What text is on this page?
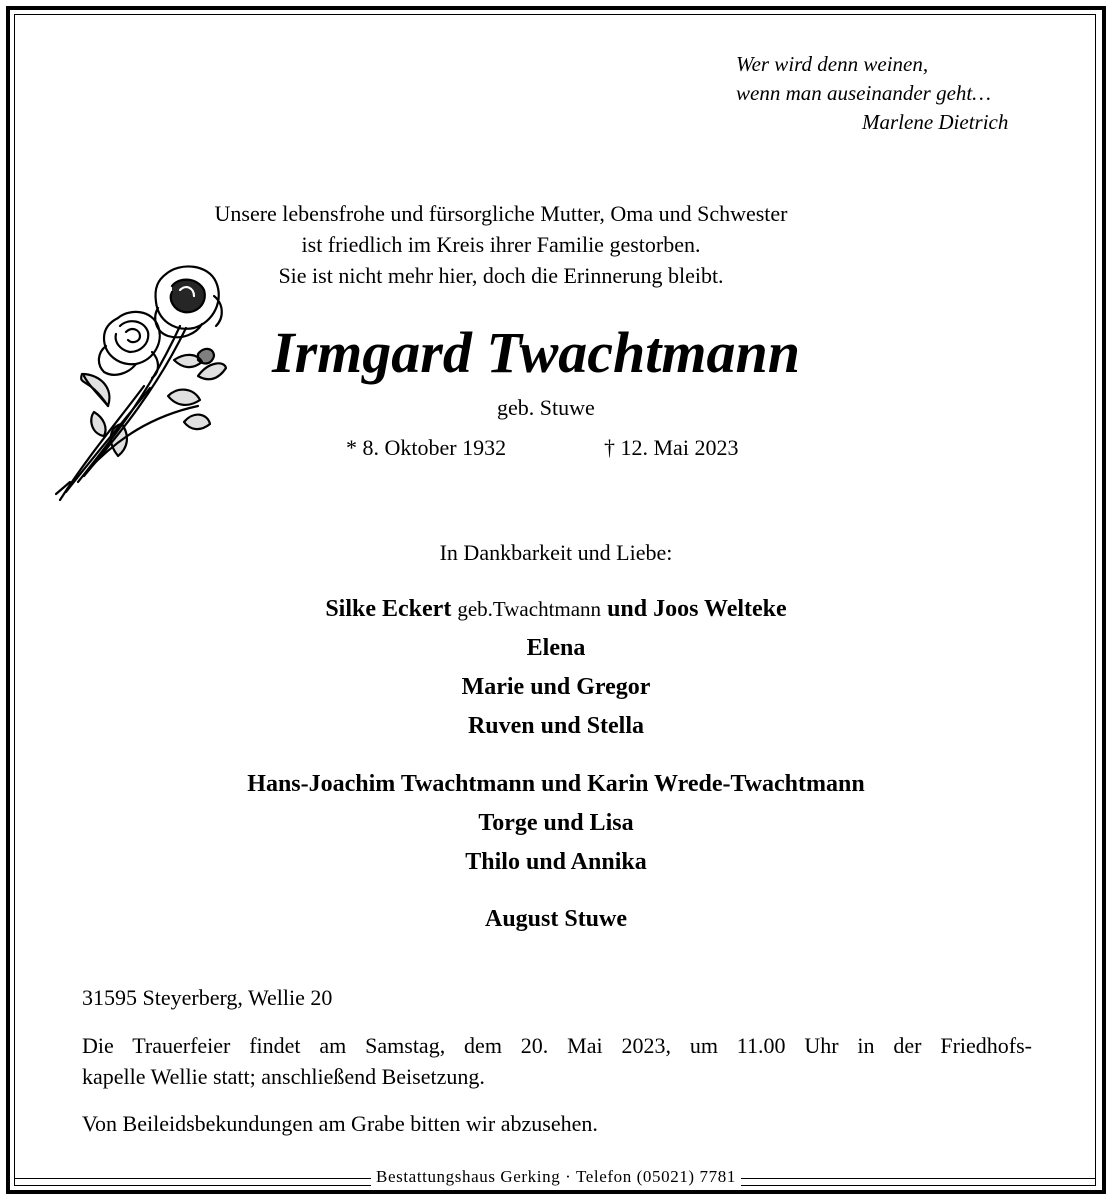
Wer wird denn weinen,
wenn man auseinander geht…
Marlene Dietrich
Unsere lebensfrohe und fürsorgliche Mutter, Oma und Schwester
ist friedlich im Kreis ihrer Familie gestorben.
Sie ist nicht mehr hier, doch die Erinnerung bleibt.
Irmgard Twachtmann
geb. Stuwe
* 8. Oktober 1932	† 12. Mai 2023
In Dankbarkeit und Liebe:
Silke Eckert geb.Twachtmann und Joos Welteke
Elena
Marie und Gregor
Ruven und Stella
Hans-Joachim Twachtmann und Karin Wrede-Twachtmann
Torge und Lisa
Thilo und Annika
August Stuwe
31595 Steyerberg, Wellie 20
Die Trauerfeier findet am Samstag, dem 20. Mai 2023, um 11.00 Uhr in der Friedhofs-
kapelle Wellie statt; anschließend Beisetzung.
Von Beileidsbekundungen am Grabe bitten wir abzusehen.
Bestattungshaus Gerking · Telefon (05021) 7781
